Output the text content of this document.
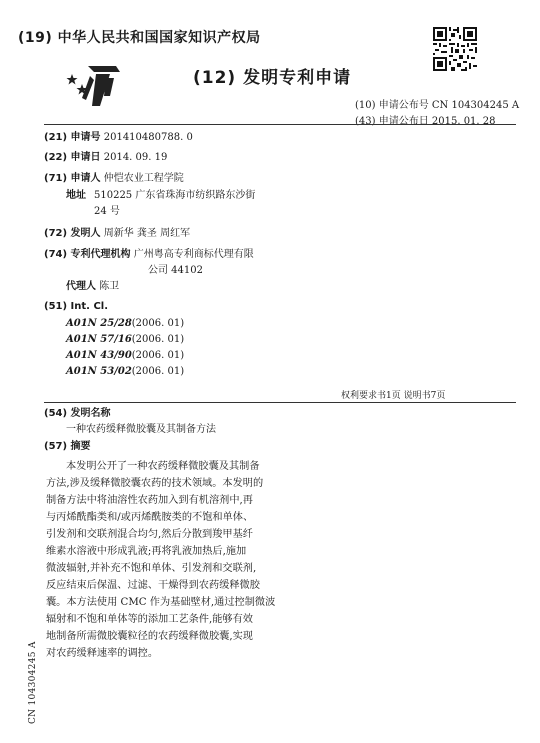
(19) 中华人民共和国国家知识产权局
(12) 发明专利申请
(10) 申请公布号 CN 104304245 A
(43) 申请公布日 2015. 01. 28
(21) 申请号 201410480788. 0
(22) 申请日 2014. 09. 19
(71) 申请人 仲恺农业工程学院
地址 510225 广东省珠海市纺织路东沙街
24 号
(72) 发明人 周新华 龚圣 周红军
(74) 专利代理机构 广州粤高专利商标代理有限
公司 44102
代理人 陈卫
(51) Int. Cl.
A01N 25/28(2006. 01)
A01N 57/16(2006. 01)
A01N 43/90(2006. 01)
A01N 53/02(2006. 01)
权利要求书1页 说明书7页
(54) 发明名称
一种农药缓释微胶囊及其制备方法
(57) 摘要
本发明公开了一种农药缓释微胶囊及其制备
方法,涉及缓释微胶囊农药的技术领域。本发明的
制备方法中将油溶性农药加入到有机溶剂中,再
与丙烯酰酯类和/或丙烯酰胺类的不饱和单体、
引发剂和交联剂混合均匀,然后分散到羧甲基纤
维素水溶液中形成乳液;再将乳液加热后,施加
微波辐射,并补充不饱和单体、引发剂和交联剂,
反应结束后保温、过滤、干燥得到农药缓释微胶
囊。本方法使用 CMC 作为基础壁材,通过控制微波
辐射和不饱和单体等的添加工艺条件,能够有效
地制备所需微胶囊粒径的农药缓释微胶囊,实现
对农药缓释速率的调控。
CN 104304245 A
